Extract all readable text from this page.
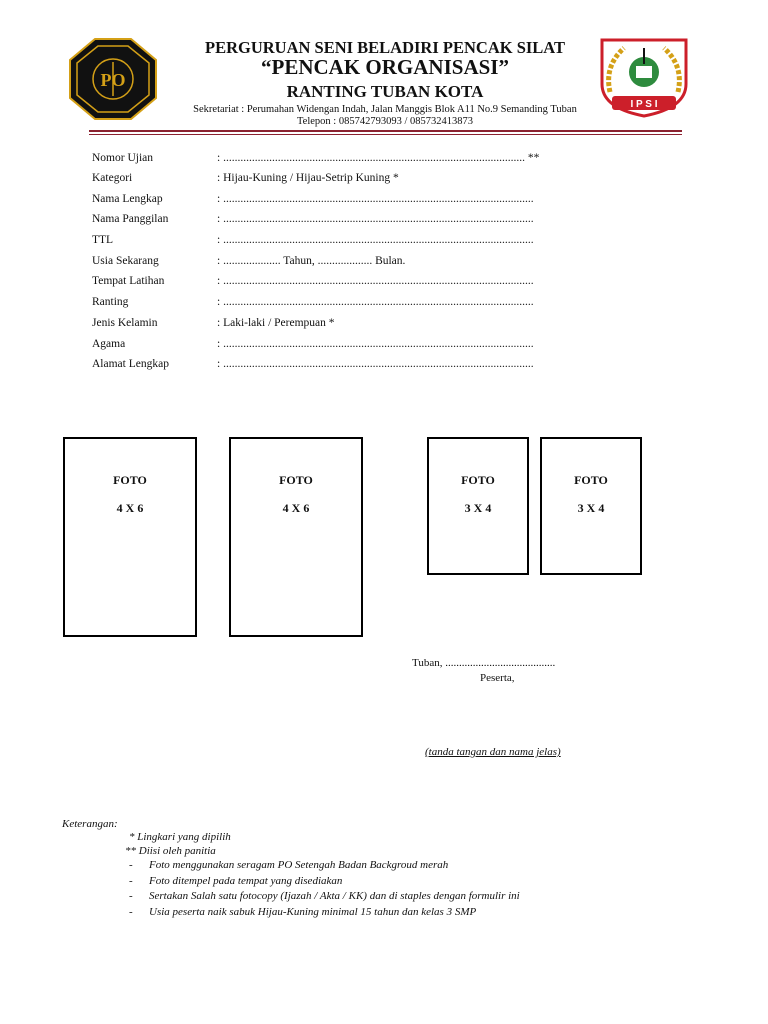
PO
I P S I
PERGURUAN SENI BELADIRI PENCAK SILAT
“PENCAK ORGANISASI”
RANTING TUBAN KOTA
Sekretariat : Perumahan Widengan Indah, Jalan Manggis Blok A11 No.9 Semanding Tuban
Telepon : 085742793093 / 085732413873
Nomor Ujian	: ......................................................................................................... **
Kategori	: Hijau-Kuning / Hijau-Setrip Kuning *
Nama Lengkap	: ............................................................................................................
Nama Panggilan	: ............................................................................................................
TTL	: ............................................................................................................
Usia Sekarang	: .................... Tahun, ................... Bulan.
Tempat Latihan	: ............................................................................................................
Ranting	: ............................................................................................................
Jenis Kelamin	: Laki-laki / Perempuan *
Agama	: ............................................................................................................
Alamat Lengkap	: ............................................................................................................
FOTO
4 X 6
FOTO
4 X 6
FOTO
3 X 4
FOTO
3 X 4
Tuban, ........................................
Peserta,
(tanda tangan dan nama jelas)
Keterangan:
* Lingkari yang dipilih
** Diisi oleh panitia
- Foto menggunakan seragam PO Setengah Badan Backgroud merah
- Foto ditempel pada tempat yang disediakan
- Sertakan Salah satu fotocopy (Ijazah / Akta / KK) dan di staples dengan formulir ini
- Usia peserta naik sabuk Hijau-Kuning minimal 15 tahun dan kelas 3 SMP
